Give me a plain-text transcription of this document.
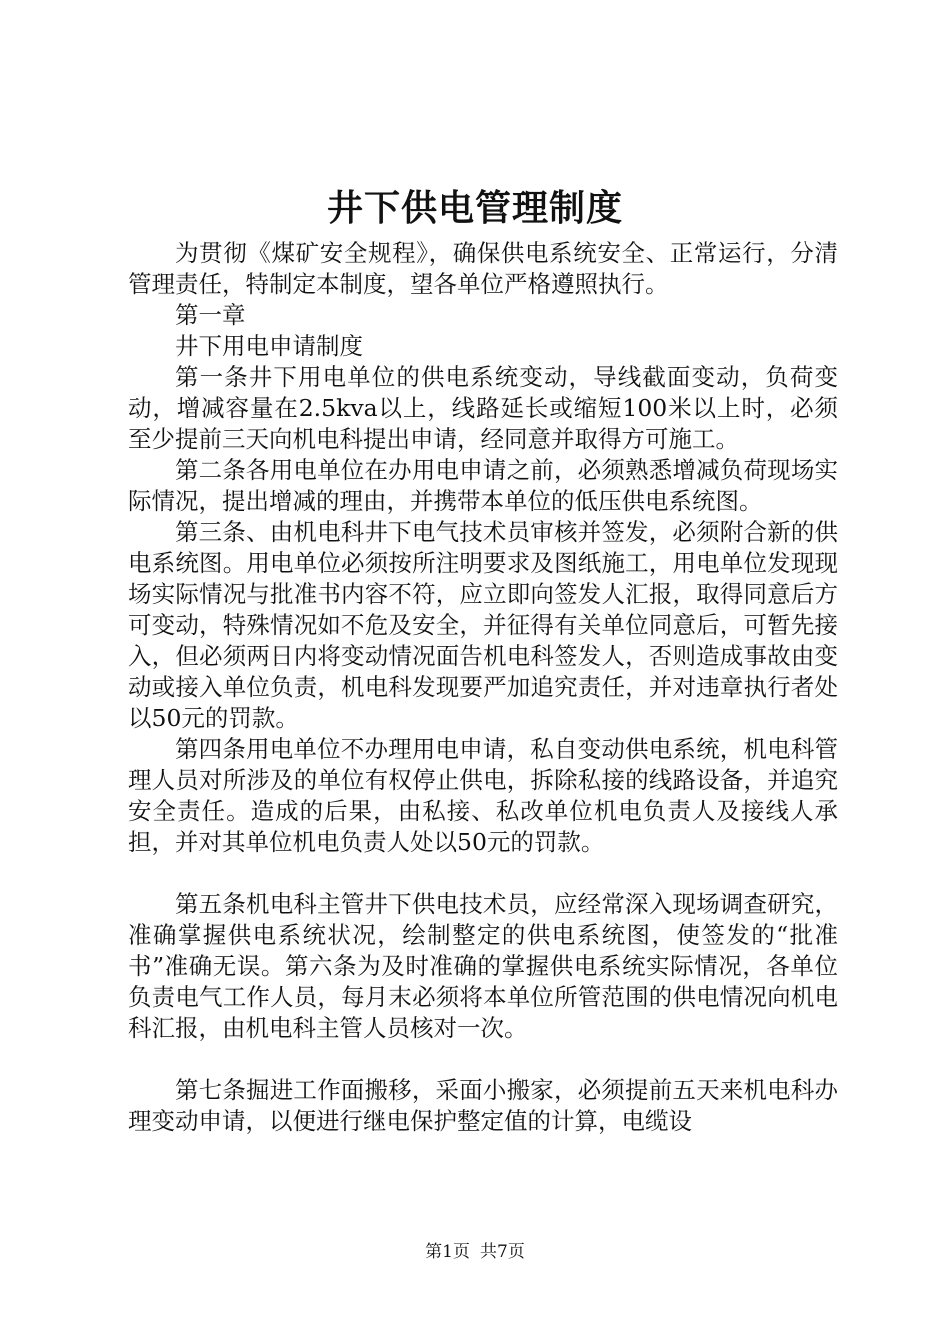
井下供电管理制度

为贯彻《煤矿安全规程》，确保供电系统安全、正常运行，分清管理责任，特制定本制度，望各单位严格遵照执行。

第一章

井下用电申请制度

第一条井下用电单位的供电系统变动，导线截面变动，负荷变动，增减容量在2.5kva以上，线路延长或缩短100米以上时，必须至少提前三天向机电科提出申请，经同意并取得方可施工。

第二条各用电单位在办用电申请之前，必须熟悉增减负荷现场实际情况，提出增减的理由，并携带本单位的低压供电系统图。

第三条、由机电科井下电气技术员审核并签发，必须附合新的供电系统图。用电单位必须按所注明要求及图纸施工，用电单位发现现场实际情况与批准书内容不符，应立即向签发人汇报，取得同意后方可变动，特殊情况如不危及安全，并征得有关单位同意后，可暂先接入，但必须两日内将变动情况面告机电科签发人，否则造成事故由变动或接入单位负责，机电科发现要严加追究责任，并对违章执行者处以50元的罚款。

第四条用电单位不办理用电申请，私自变动供电系统，机电科管理人员对所涉及的单位有权停止供电，拆除私接的线路设备，并追究安全责任。造成的后果，由私接、私改单位机电负责人及接线人承担，并对其单位机电负责人处以50元的罚款。

第五条机电科主管井下供电技术员，应经常深入现场调查研究，准确掌握供电系统状况，绘制整定的供电系统图，使签发的“批准书”准确无误。第六条为及时准确的掌握供电系统实际情况，各单位负责电气工作人员，每月末必须将本单位所管范围的供电情况向机电科汇报，由机电科主管人员核对一次。

第七条掘进工作面搬移，采面小搬家，必须提前五天来机电科办理变动申请，以便进行继电保护整定值的计算，电缆设

第1页 共7页
